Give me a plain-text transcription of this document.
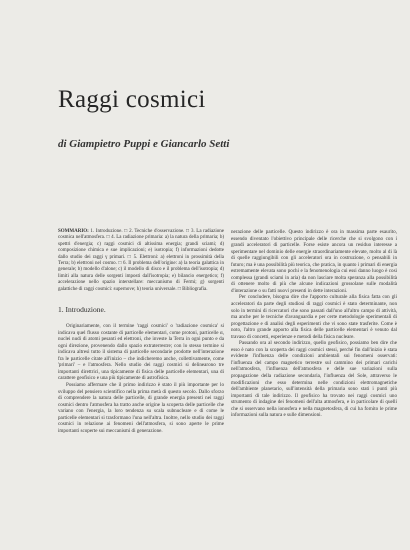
Raggi cosmici
di Giampietro Puppi e Giancarlo Setti

SOMMARIO: 1. Introduzione. □ 2. Tecniche d'osservazione. □ 3. La radiazione cosmica nell'atmosfera. □ 4. La radiazione primaria: a) la natura della primaria; b) spettri d'energia; c) raggi cosmici di altissima energia; grandi sciami; d) composizione chimica e sue implicazioni; e) isotropia; f) informazioni dedotte dallo studio dei raggi γ primari. □ 5. Elettroni: a) elettroni in prossimità della Terra; b) elettroni nel cosmo. □ 6. Il problema dell'origine: a) la teoria galattica in generale; b) modello d'alone; c) il modello di disco e il problema dell'isotropia; d) limiti alla natura delle sorgenti imposti dall'isotropia; e) bilancio energetico; f) accelerazione nello spazio interstellare: meccanismo di Fermi; g) sorgenti galattiche di raggi cosmici: supernove; h) teoria universale. □ Bibliografia.

1. Introduzione.

Originariamente, con il termine 'raggi cosmici' o 'radiazione cosmica' si indicava quel flusso costante di particelle elementari, come protoni, particelle α, nuclei nudi di atomi pesanti ed elettroni, che investe la Terra in ogni punto e da ogni direzione, provenendo dallo spazio extraterrestre; con lo stesso termine si indicava altresì tutto il sistema di particelle secondarie prodotte nell'interazione fra le particelle citate all'inizio – che indicheremo anche, collettivamente, come 'primari' – e l'atmosfera. Nello studio dei raggi cosmici si delinearono tre importanti direttrici, una tipicamente di fisica delle particelle elementari, una di carattere geofisico e una più tipicamente di astrofisica.

Possiamo affermare che il primo indirizzo è stato il più importante per lo sviluppo del pensiero scientifico nella prima metà di questo secolo. Dallo sforzo di comprendere la natura delle particelle, di grande energia presenti nei raggi cosmici dentro l'atmosfera ha tratto anche origine la scoperta delle particelle che variano con l'energia, la loro tendenza su scala subnucleare e di come le particelle elementari si trasformano l'una nell'altra. Inoltre, nello studio dei raggi cosmici in relazione ai fenomeni dell'atmosfera, si sono aperte le prime importanti scoperte sui meccanismi di generazione.

nerazione delle particelle. Questo indirizzo è ora in massima parte esaurito, essendo diventato l'obiettivo principale delle ricerche che si svolgono con i grandi acceleratori di particelle. Forse esiste ancora un residuo interesse a sperimentare nel dominio delle energie straordinariamente elevate, molto al di là di quelle raggiungibili con gli acceleratori ora in costruzione, o pensabili in futuro; ma è una possibilità più teorica, che pratica, in quanto i primari di energia estremamente elevata sono pochi e la fenomenologia cui essi danno luogo è così complessa (grandi sciami in aria) da non lasciare molta speranza alla possibilità di ottenere molto di più che alcune indicazioni grossolane sulle modalità d'interazione o su fatti nuovi presenti in dette interazioni.

Per concludere, bisogna dire che l'apporto culturale alla fisica fatta con gli acceleratori da parte degli studiosi di raggi cosmici è stato determinante, non solo in termini di ricercatori che sono passati dall'uno all'altro campo di attività, ma anche per le tecniche d'avanguardia e per certe metodologie sperimentali di progettazione e di analisi degli esperimenti che vi sono state trasferite. Come è noto, l'altro grande apporto alla fisica delle particelle elementari è venuto dal travaso di concetti, esperienze e metodi della fisica nucleare.

Passando ora al secondo indirizzo, quello geofisico, possiamo ben dire che esso è nato con la scoperta dei raggi cosmici stessi, perché fin dall'inizio è stata evidente l'influenza delle condizioni ambientali sui fenomeni osservati: l'influenza del campo magnetico terrestre sul cammino dei primari carichi nell'atmosfera, l'influenza dell'atmosfera e delle sue variazioni sulla propagazione della radiazione secondaria, l'influenza del Sole, attraverso le modificazioni che esso determina nelle condizioni elettromagnetiche dell'ambiente planetario, sull'intensità della primaria sono stati i punti più importanti di tale indirizzo. Il geofisico ha trovato nei raggi cosmici uno strumento di indagine dei fenomeni dell'alta atmosfera, e in particolare di quelli che si osservano nella ionosfera e nella magnetosfera, di cui ha fornito le prime informazioni sulla natura e sulle dimensioni.
